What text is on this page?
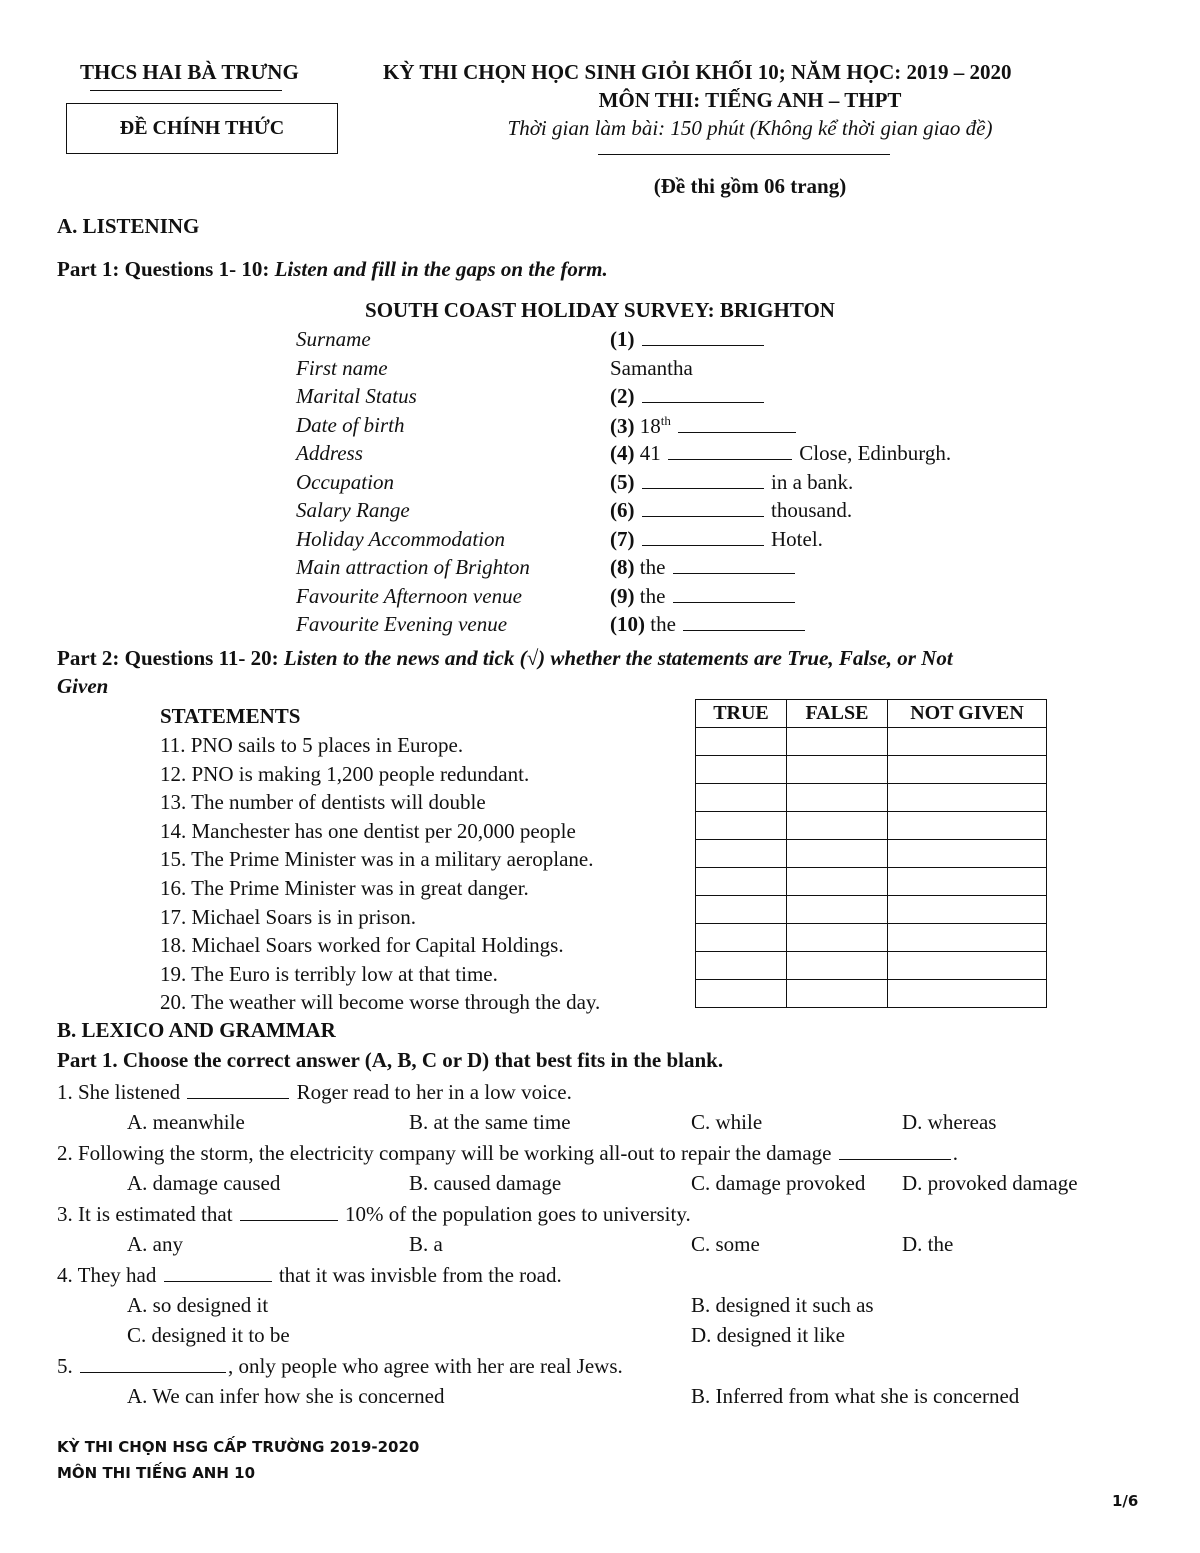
THCS HAI BÀ TRƯNG
ĐỀ CHÍNH THỨC
KỲ THI CHỌN HỌC SINH GIỎI KHỐI 10; NĂM HỌC: 2019 – 2020
MÔN THI: TIẾNG ANH – THPT
Thời gian làm bài: 150 phút (Không kể thời gian giao đề)
(Đề thi gồm 06 trang)
A. LISTENING
Part 1: Questions 1- 10: Listen and fill in the gaps on the form.
SOUTH COAST HOLIDAY SURVEY: BRIGHTON
Surname	(1)
First name	Samantha
Marital Status	(2)
Date of birth	(3) 18th
Address	(4) 41	Close, Edinburgh.
Occupation	(5)	in a bank.
Salary Range	(6)	thousand.
Holiday Accommodation	(7)	Hotel.
Main attraction of Brighton	(8) the
Favourite Afternoon venue	(9) the
Favourite Evening venue	(10) the
Part 2: Questions 11- 20: Listen to the news and tick (√) whether the statements are True, False, or Not
Given
STATEMENTS
11. PNO sails to 5 places in Europe.
12. PNO is making 1,200 people redundant.
13. The number of dentists will double
14. Manchester has one dentist per 20,000 people
15. The Prime Minister was in a military aeroplane.
16. The Prime Minister was in great danger.
17. Michael Soars is in prison.
18. Michael Soars worked for Capital Holdings.
19. The Euro is terribly low at that time.
20. The weather will become worse through the day.
TRUE	FALSE	NOT GIVEN

B. LEXICO AND GRAMMAR
Part 1. Choose the correct answer (A, B, C or D) that best fits in the blank.
1. She listened	Roger read to her in a low voice.
A. meanwhile	B. at the same time	C. while	D. whereas
2. Following the storm, the electricity company will be working all-out to repair the damage	.
A. damage caused	B. caused damage	C. damage provoked D. provoked damage
3. It is estimated that	10% of the population goes to university.
A. any	B. a	C. some	D. the
4. They had	that it was invisble from the road.
A. so designed it	B. designed it such as
C. designed it to be	D. designed it like
5.	, only people who agree with her are real Jews.
A. We can infer how she is concerned	B. Inferred from what she is concerned
KỲ THI CHỌN HSG CẤP TRƯỜNG 2019-2020
MÔN THI TIẾNG ANH 10
1/6
